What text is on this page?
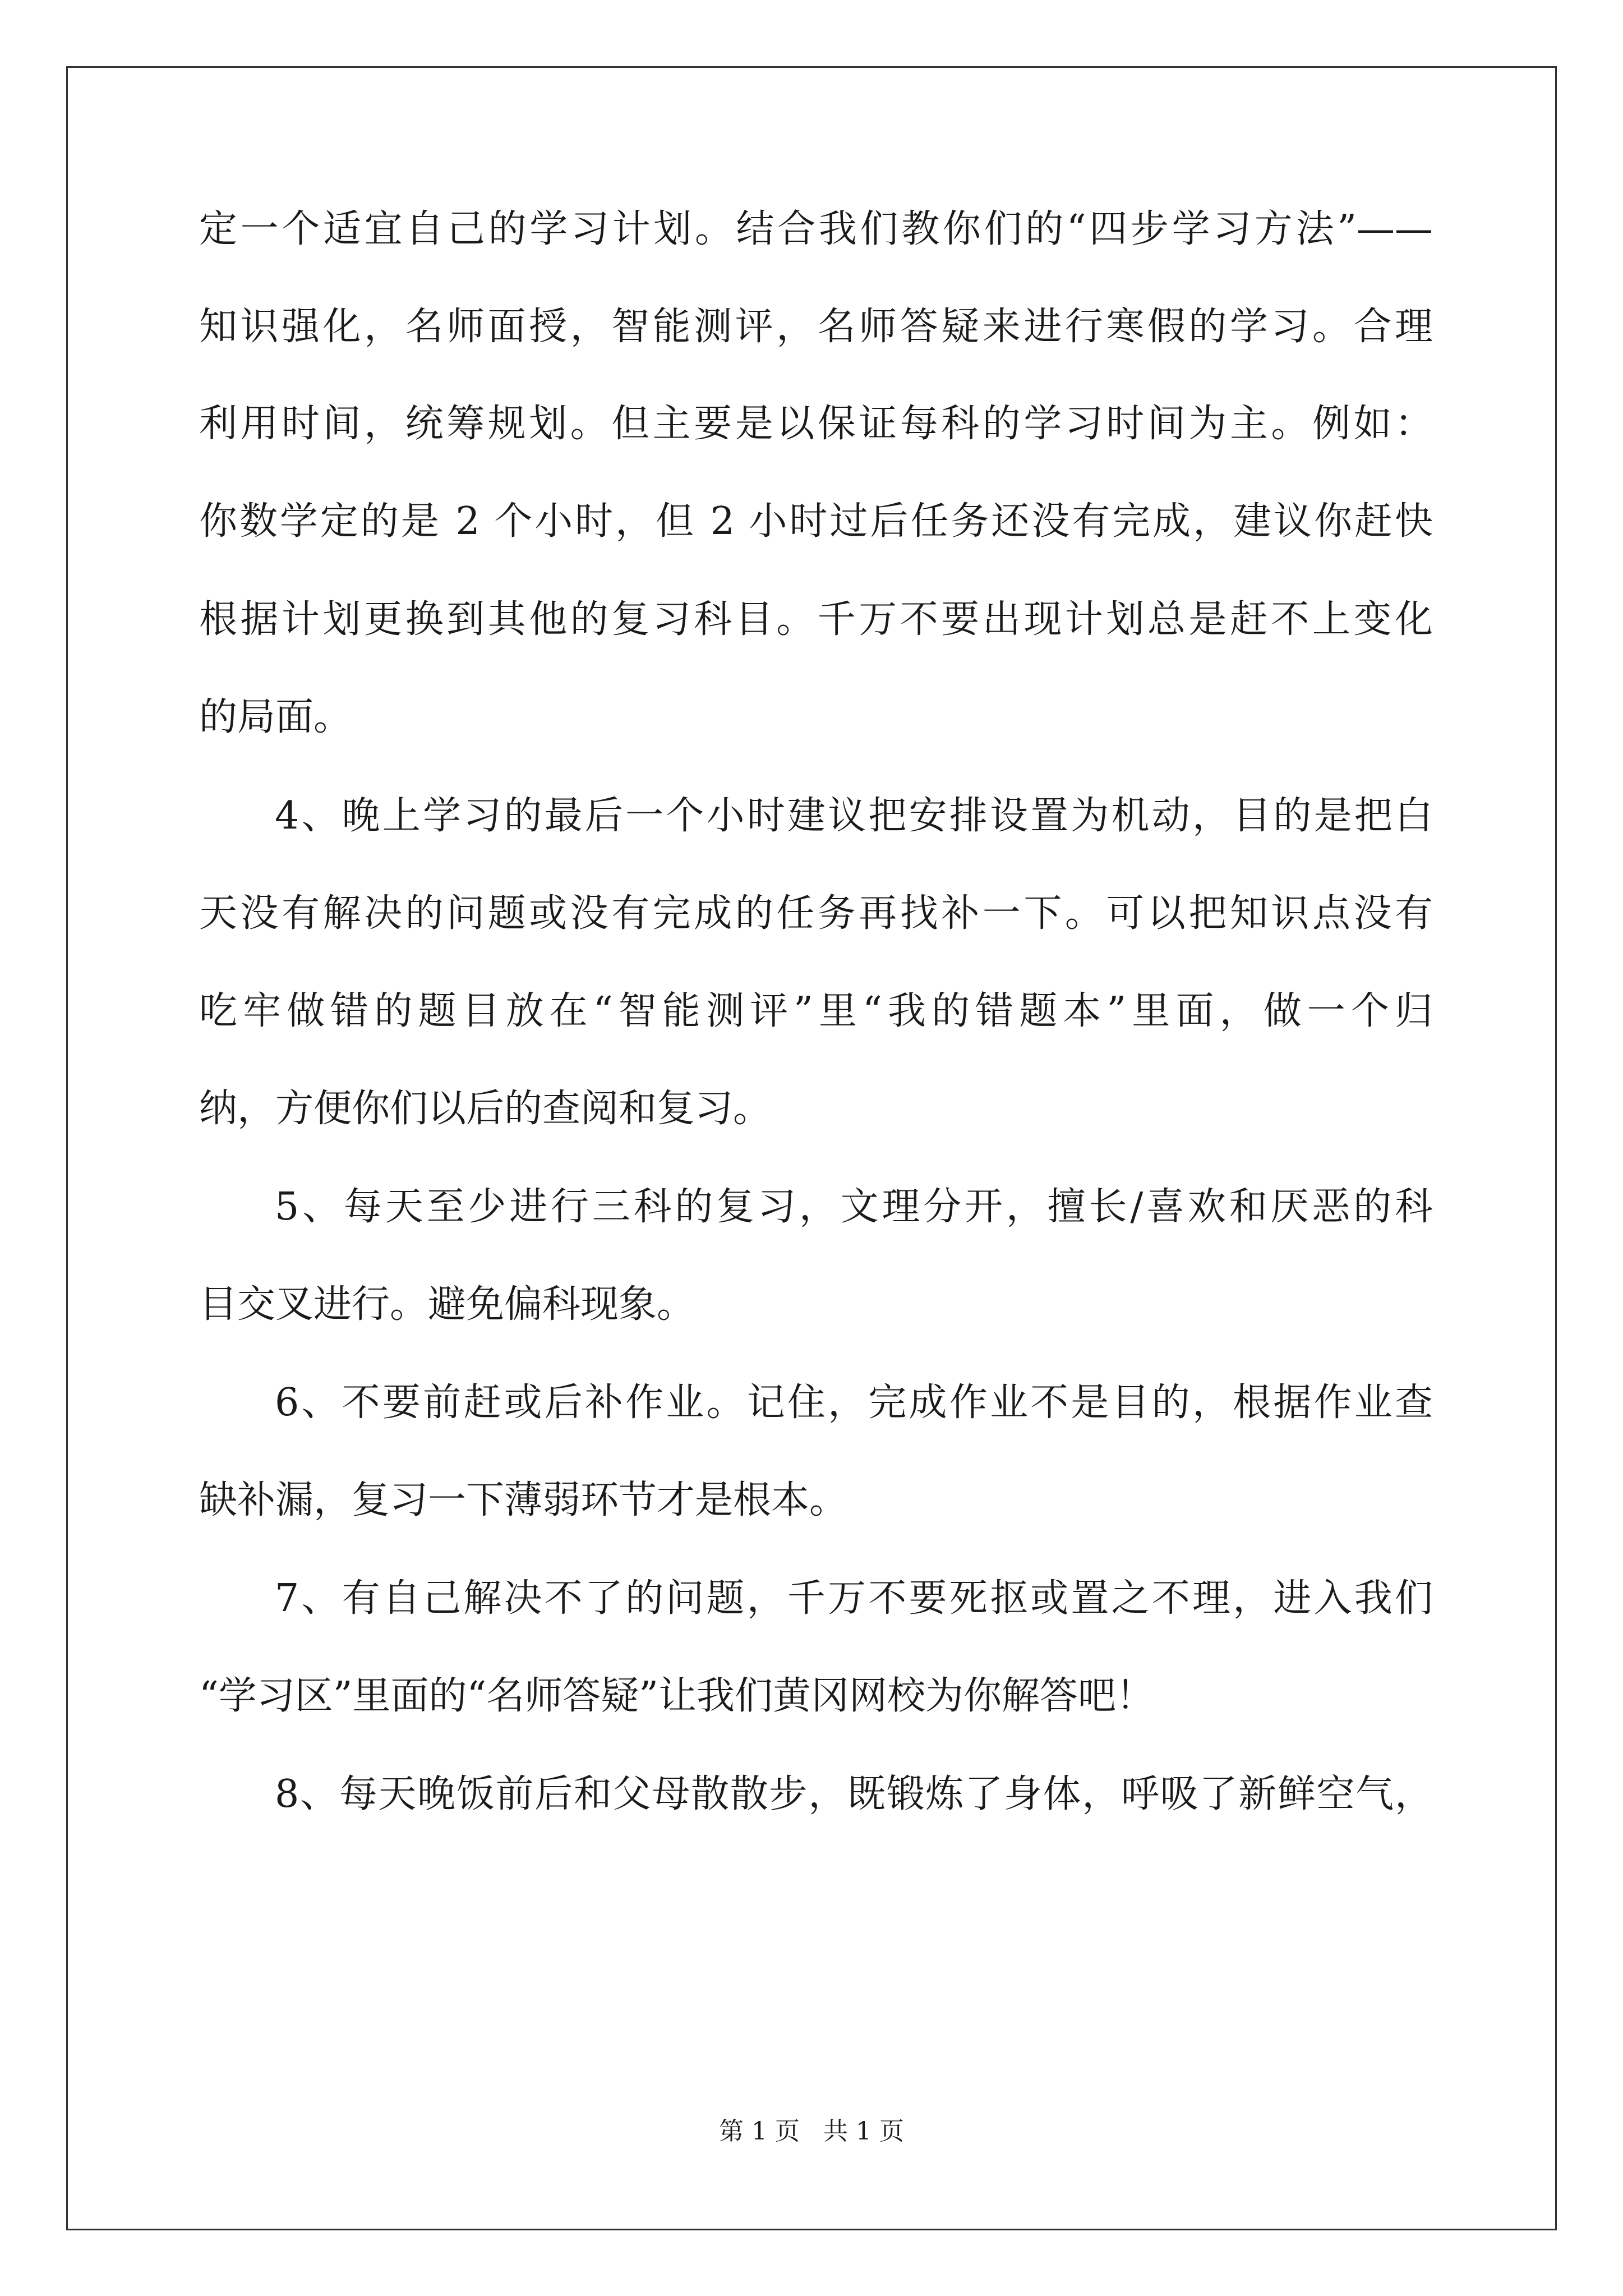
定一个适宜自己的学习计划。结合我们教你们的“四步学习方法”——
知识强化，名师面授，智能测评，名师答疑来进行寒假的学习。合理
利用时间，统筹规划。但主要是以保证每科的学习时间为主。例如：
你数学定的是 2 个小时，但 2 小时过后任务还没有完成，建议你赶快
根据计划更换到其他的复习科目。千万不要出现计划总是赶不上变化
的局面。
4、晚上学习的最后一个小时建议把安排设置为机动，目的是把白
天没有解决的问题或没有完成的任务再找补一下。可以把知识点没有
吃牢做错的题目放在“智能测评”里“我的错题本”里面，做一个归
纳，方便你们以后的查阅和复习。
5、每天至少进行三科的复习，文理分开，擅长/喜欢和厌恶的科
目交叉进行。避免偏科现象。
6、不要前赶或后补作业。记住，完成作业不是目的，根据作业查
缺补漏，复习一下薄弱环节才是根本。
7、有自己解决不了的问题，千万不要死抠或置之不理，进入我们
“学习区”里面的“名师答疑”让我们黄冈网校为你解答吧！
8、每天晚饭前后和父母散散步，既锻炼了身体，呼吸了新鲜空气，
第 1 页   共 1 页
